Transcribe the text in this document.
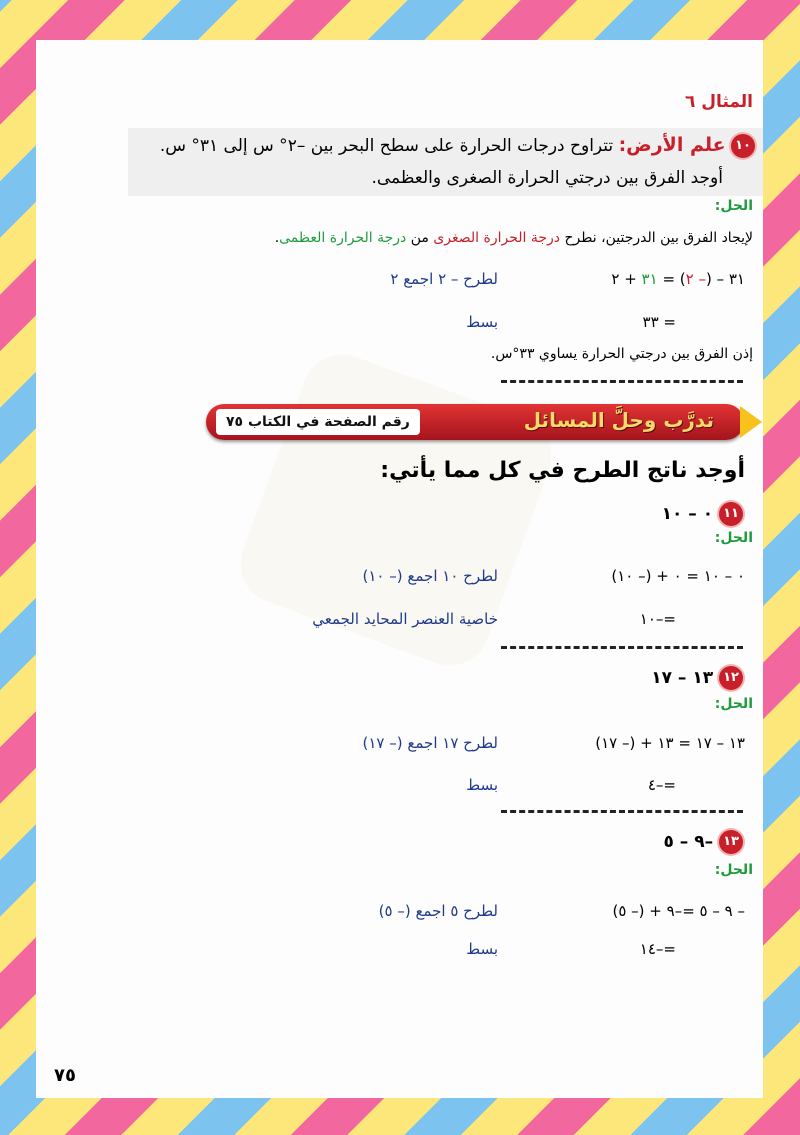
المثال ٦
١٠ علم الأرض: تتراوح درجات الحرارة على سطح البحر بين –٢° س إلى ٣١° س.
أوجد الفرق بين درجتي الحرارة الصغرى والعظمى.
الحل:
لإيجاد الفرق بين الدرجتين، نطرح درجة الحرارة الصغرى من درجة الحرارة العظمى.
٣١ – (– ٢) = ٣١ + ٢
لطرح – ٢ اجمع ٢
= ٣٣
بسط
إذن الفرق بين درجتي الحرارة يساوي ٣٣°س.
تدرَّب وحلَّ المسائل
رقم الصفحة في الكتاب ٧٥
أوجد ناتج الطرح في كل مما يأتي:
١١ ٠ – ١٠
الحل:
٠ – ١٠ = ٠ + (– ١٠)
لطرح ١٠ اجمع (– ١٠)
=–١٠
خاصية العنصر المحايد الجمعي
١٢ ١٣ – ١٧
الحل:
١٣ – ١٧ = ١٣ + (– ١٧)
لطرح ١٧ اجمع (– ١٧)
=–٤
بسط
١٣ –٩ – ٥
الحل:
– ٩ – ٥ =–٩ + (– ٥)
لطرح ٥ اجمع (– ٥)
=–١٤
بسط
٧٥
